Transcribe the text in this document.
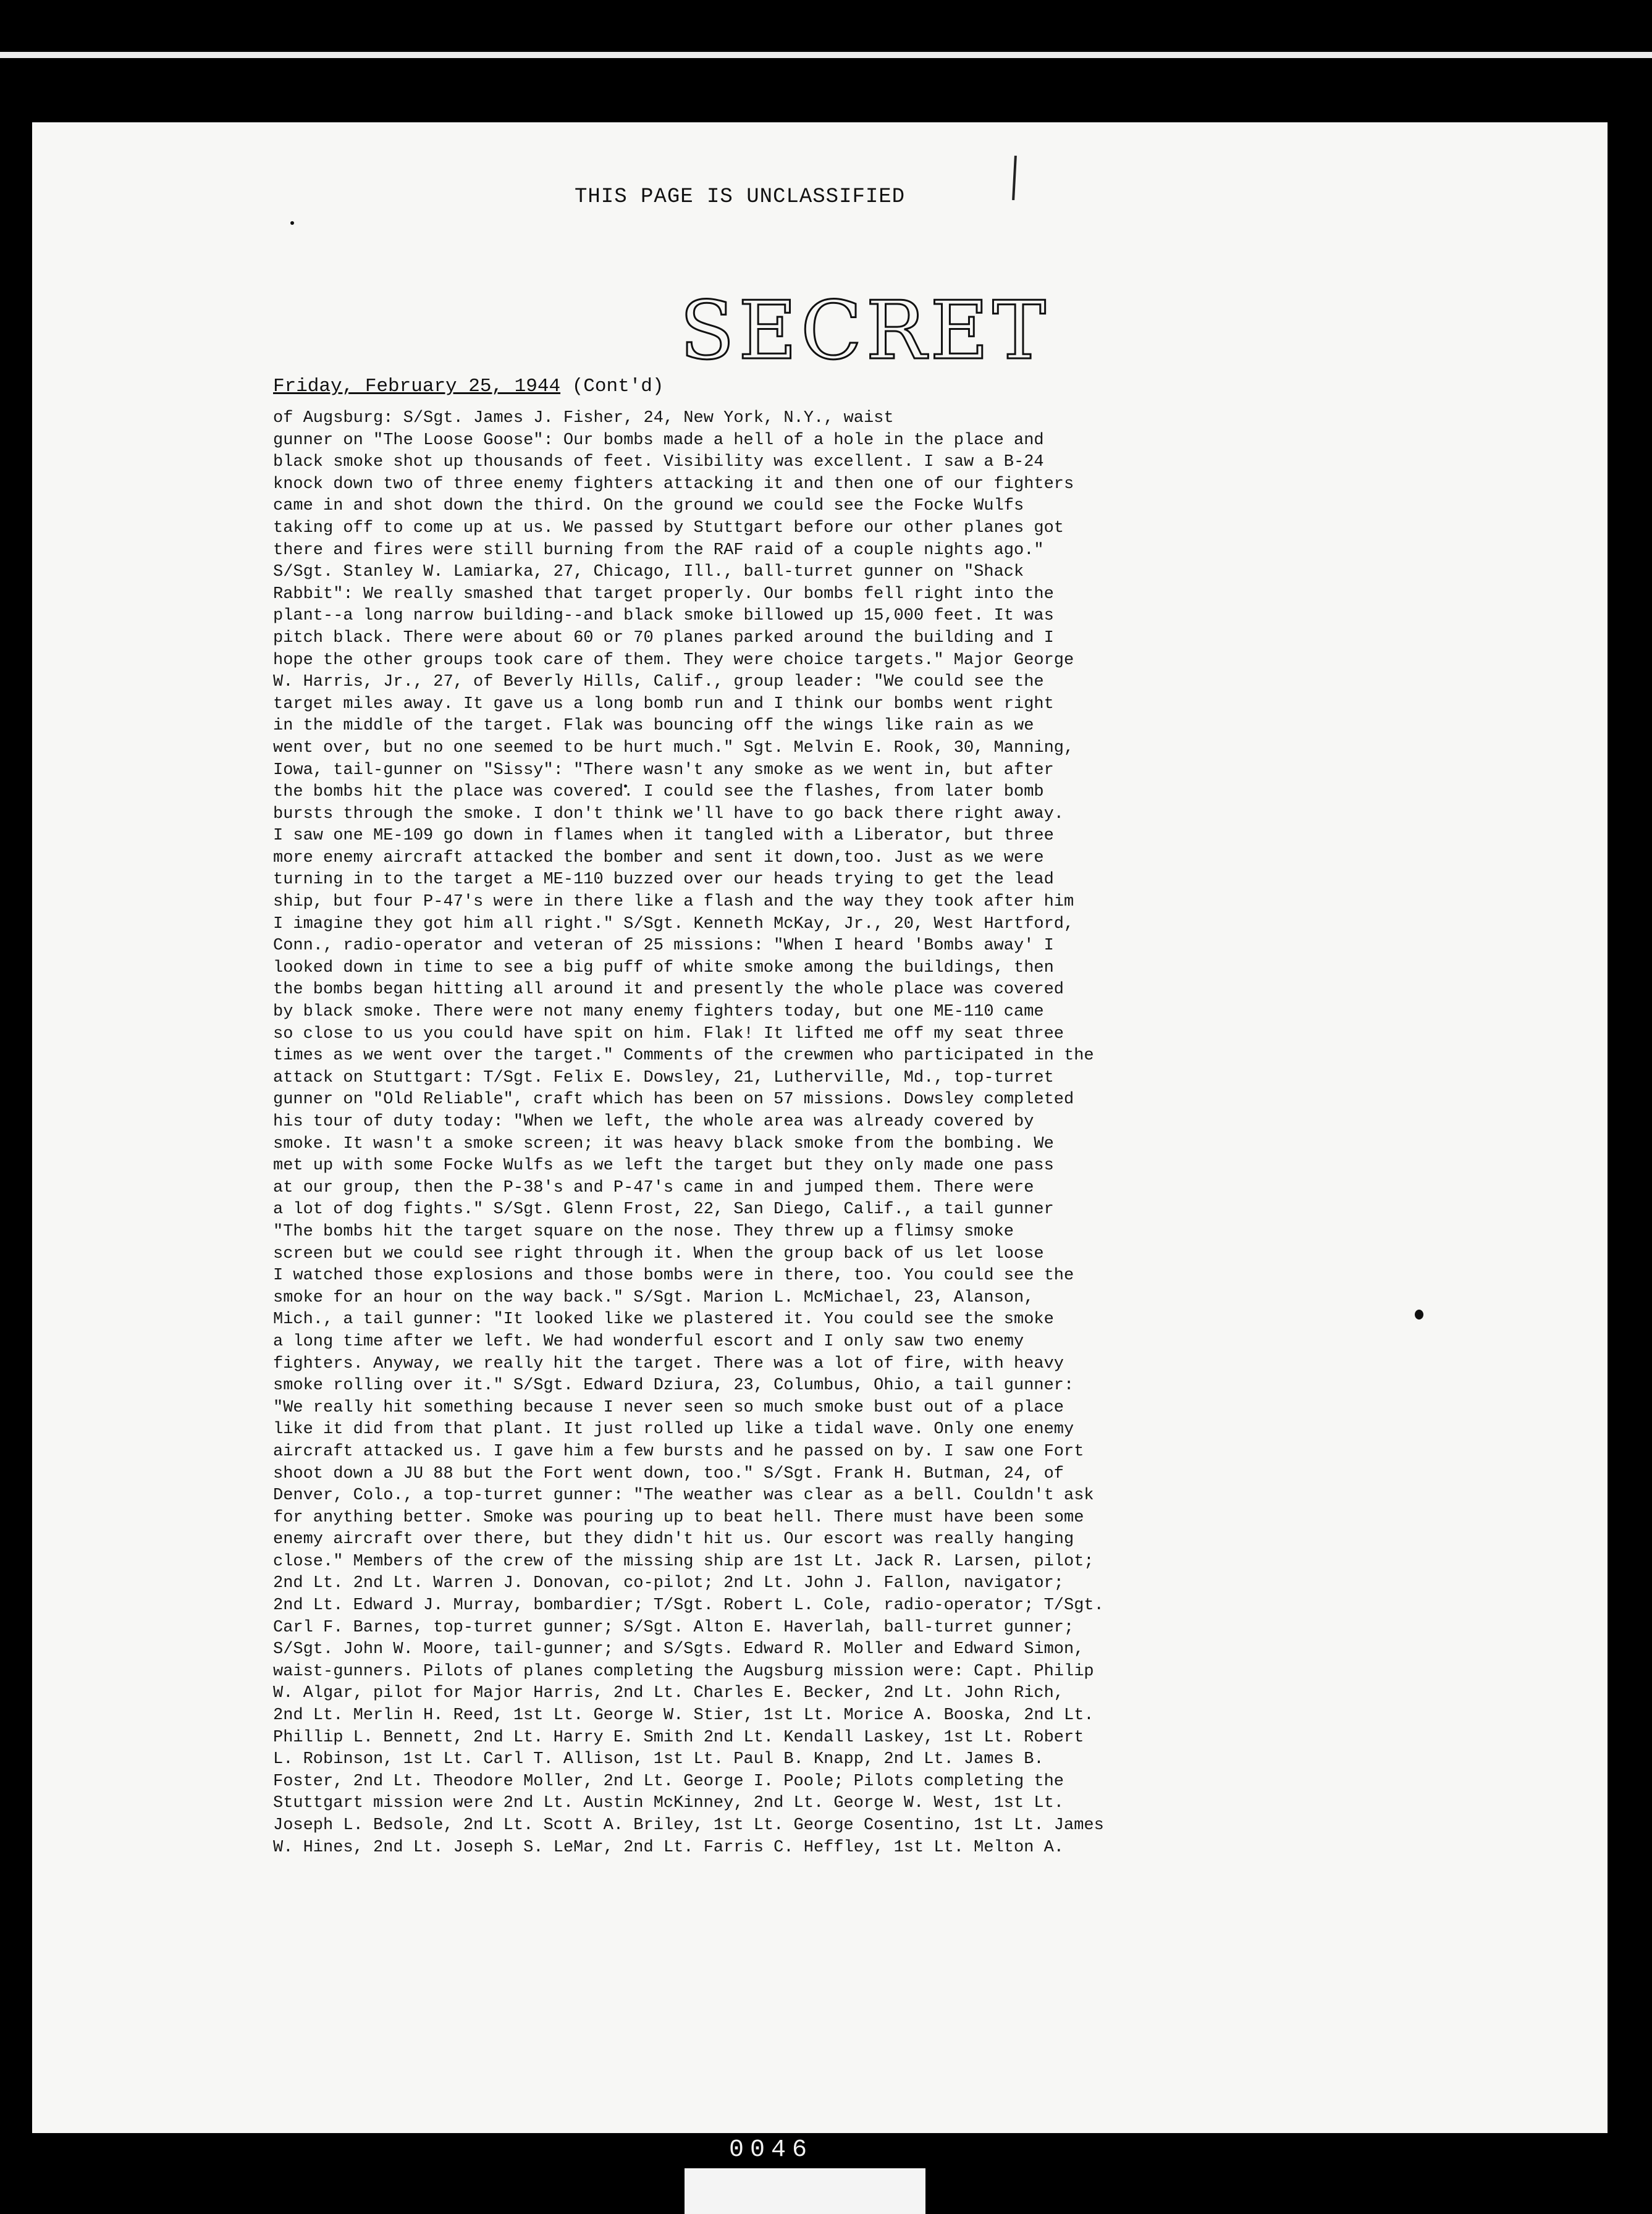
THIS PAGE IS UNCLASSIFIED
SECRET
Friday, February 25, 1944 (Cont'd)
of Augsburg: S/Sgt. James J. Fisher, 24, New York, N.Y., waist
gunner on "The Loose Goose": Our bombs made a hell of a hole in the place and
black smoke shot up thousands of feet. Visibility was excellent. I saw a B-24
knock down two of three enemy fighters attacking it and then one of our fighters
came in and shot down the third. On the ground we could see the Focke Wulfs
taking off to come up at us. We passed by Stuttgart before our other planes got
there and fires were still burning from the RAF raid of a couple nights ago."
S/Sgt. Stanley W. Lamiarka, 27, Chicago, Ill., ball-turret gunner on "Shack
Rabbit": We really smashed that target properly. Our bombs fell right into the
plant--a long narrow building--and black smoke billowed up 15,000 feet. It was
pitch black. There were about 60 or 70 planes parked around the building and I
hope the other groups took care of them. They were choice targets." Major George
W. Harris, Jr., 27, of Beverly Hills, Calif., group leader: "We could see the
target miles away. It gave us a long bomb run and I think our bombs went right
in the middle of the target. Flak was bouncing off the wings like rain as we
went over, but no one seemed to be hurt much." Sgt. Melvin E. Rook, 30, Manning,
Iowa, tail-gunner on "Sissy": "There wasn't any smoke as we went in, but after
the bombs hit the place was covered. I could see the flashes, from later bomb
bursts through the smoke. I don't think we'll have to go back there right away.
I saw one ME-109 go down in flames when it tangled with a Liberator, but three
more enemy aircraft attacked the bomber and sent it down,too. Just as we were
turning in to the target a ME-110 buzzed over our heads trying to get the lead
ship, but four P-47's were in there like a flash and the way they took after him
I imagine they got him all right." S/Sgt. Kenneth McKay, Jr., 20, West Hartford,
Conn., radio-operator and veteran of 25 missions: "When I heard 'Bombs away' I
looked down in time to see a big puff of white smoke among the buildings, then
the bombs began hitting all around it and presently the whole place was covered
by black smoke. There were not many enemy fighters today, but one ME-110 came
so close to us you could have spit on him. Flak! It lifted me off my seat three
times as we went over the target." Comments of the crewmen who participated in the
attack on Stuttgart: T/Sgt. Felix E. Dowsley, 21, Lutherville, Md., top-turret
gunner on "Old Reliable", craft which has been on 57 missions. Dowsley completed
his tour of duty today: "When we left, the whole area was already covered by
smoke. It wasn't a smoke screen; it was heavy black smoke from the bombing. We
met up with some Focke Wulfs as we left the target but they only made one pass
at our group, then the P-38's and P-47's came in and jumped them. There were
a lot of dog fights." S/Sgt. Glenn Frost, 22, San Diego, Calif., a tail gunner
"The bombs hit the target square on the nose. They threw up a flimsy smoke
screen but we could see right through it. When the group back of us let loose
I watched those explosions and those bombs were in there, too. You could see the
smoke for an hour on the way back." S/Sgt. Marion L. McMichael, 23, Alanson,
Mich., a tail gunner: "It looked like we plastered it. You could see the smoke
a long time after we left. We had wonderful escort and I only saw two enemy
fighters. Anyway, we really hit the target. There was a lot of fire, with heavy
smoke rolling over it." S/Sgt. Edward Dziura, 23, Columbus, Ohio, a tail gunner:
"We really hit something because I never seen so much smoke bust out of a place
like it did from that plant. It just rolled up like a tidal wave. Only one enemy
aircraft attacked us. I gave him a few bursts and he passed on by. I saw one Fort
shoot down a JU 88 but the Fort went down, too." S/Sgt. Frank H. Butman, 24, of
Denver, Colo., a top-turret gunner: "The weather was clear as a bell. Couldn't ask
for anything better. Smoke was pouring up to beat hell. There must have been some
enemy aircraft over there, but they didn't hit us. Our escort was really hanging
close." Members of the crew of the missing ship are 1st Lt. Jack R. Larsen, pilot;
2nd Lt. 2nd Lt. Warren J. Donovan, co-pilot; 2nd Lt. John J. Fallon, navigator;
2nd Lt. Edward J. Murray, bombardier; T/Sgt. Robert L. Cole, radio-operator; T/Sgt.
Carl F. Barnes, top-turret gunner; S/Sgt. Alton E. Haverlah, ball-turret gunner;
S/Sgt. John W. Moore, tail-gunner; and S/Sgts. Edward R. Moller and Edward Simon,
waist-gunners. Pilots of planes completing the Augsburg mission were: Capt. Philip
W. Algar, pilot for Major Harris, 2nd Lt. Charles E. Becker, 2nd Lt. John Rich,
2nd Lt. Merlin H. Reed, 1st Lt. George W. Stier, 1st Lt. Morice A. Booska, 2nd Lt.
Phillip L. Bennett, 2nd Lt. Harry E. Smith 2nd Lt. Kendall Laskey, 1st Lt. Robert
L. Robinson, 1st Lt. Carl T. Allison, 1st Lt. Paul B. Knapp, 2nd Lt. James B.
Foster, 2nd Lt. Theodore Moller, 2nd Lt. George I. Poole; Pilots completing the
Stuttgart mission were 2nd Lt. Austin McKinney, 2nd Lt. George W. West, 1st Lt.
Joseph L. Bedsole, 2nd Lt. Scott A. Briley, 1st Lt. George Cosentino, 1st Lt. James
W. Hines, 2nd Lt. Joseph S. LeMar, 2nd Lt. Farris C. Heffley, 1st Lt. Melton A.
0046
